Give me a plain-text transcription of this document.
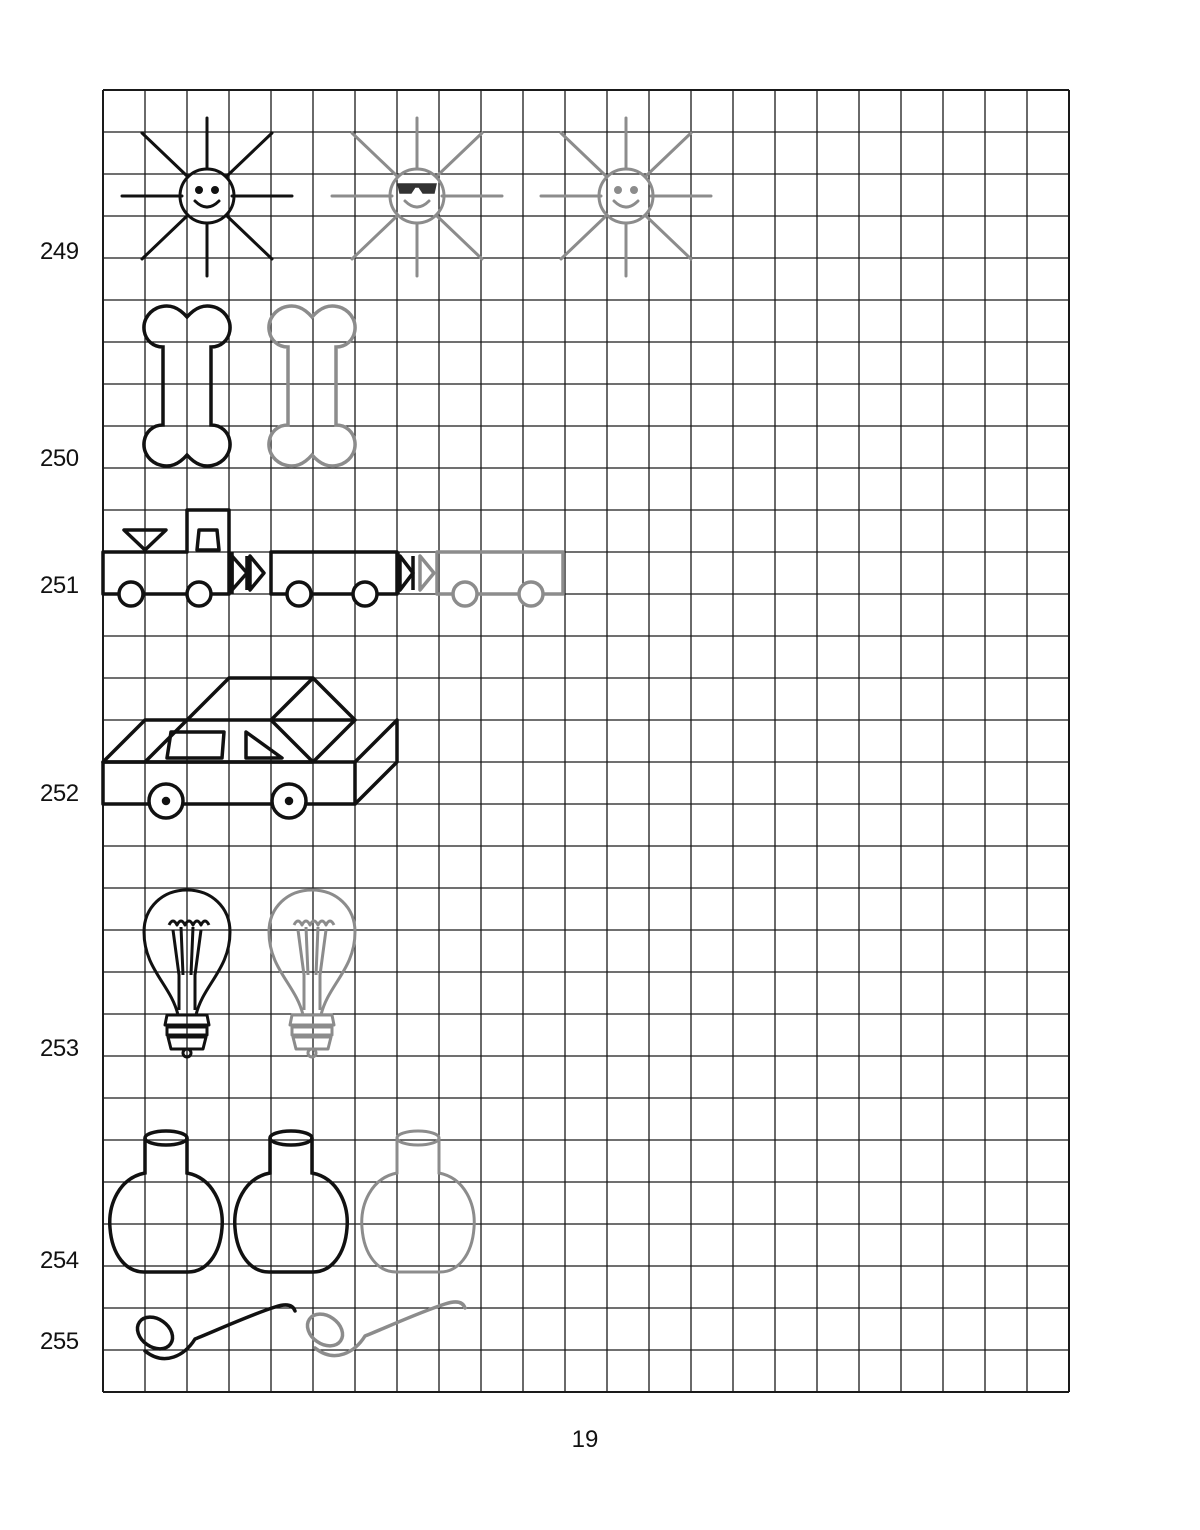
249
250
251
252
253
254
255
19
